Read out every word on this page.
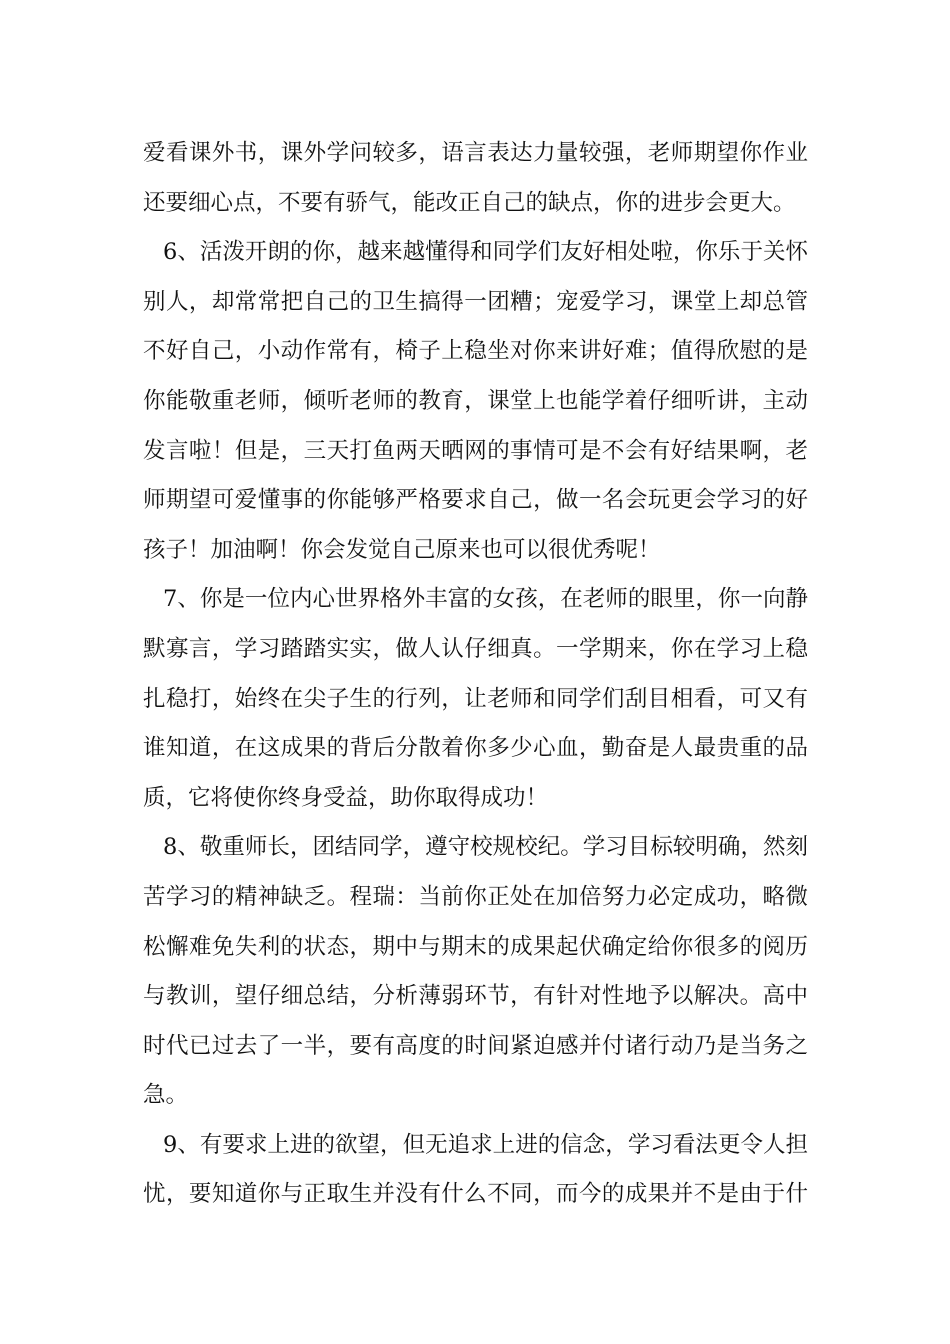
爱看课外书，课外学问较多，语言表达力量较强，老师期望你作业
还要细心点，不要有骄气，能改正自己的缺点，你的进步会更大。
6、活泼开朗的你，越来越懂得和同学们友好相处啦，你乐于关怀
别人，却常常把自己的卫生搞得一团糟；宠爱学习，课堂上却总管
不好自己，小动作常有，椅子上稳坐对你来讲好难；值得欣慰的是
你能敬重老师，倾听老师的教育，课堂上也能学着仔细听讲，主动
发言啦！但是，三天打鱼两天晒网的事情可是不会有好结果啊，老
师期望可爱懂事的你能够严格要求自己，做一名会玩更会学习的好
孩子！加油啊！你会发觉自己原来也可以很优秀呢！
7、你是一位内心世界格外丰富的女孩，在老师的眼里，你一向静
默寡言，学习踏踏实实，做人认仔细真。一学期来，你在学习上稳
扎稳打，始终在尖子生的行列，让老师和同学们刮目相看，可又有
谁知道，在这成果的背后分散着你多少心血，勤奋是人最贵重的品
质，它将使你终身受益，助你取得成功！
8、敬重师长，团结同学，遵守校规校纪。学习目标较明确，然刻
苦学习的精神缺乏。程瑞：当前你正处在加倍努力必定成功，略微
松懈难免失利的状态，期中与期末的成果起伏确定给你很多的阅历
与教训，望仔细总结，分析薄弱环节，有针对性地予以解决。高中
时代已过去了一半，要有高度的时间紧迫感并付诸行动乃是当务之
急。
9、有要求上进的欲望，但无追求上进的信念，学习看法更令人担
忧，要知道你与正取生并没有什么不同，而今的成果并不是由于什
